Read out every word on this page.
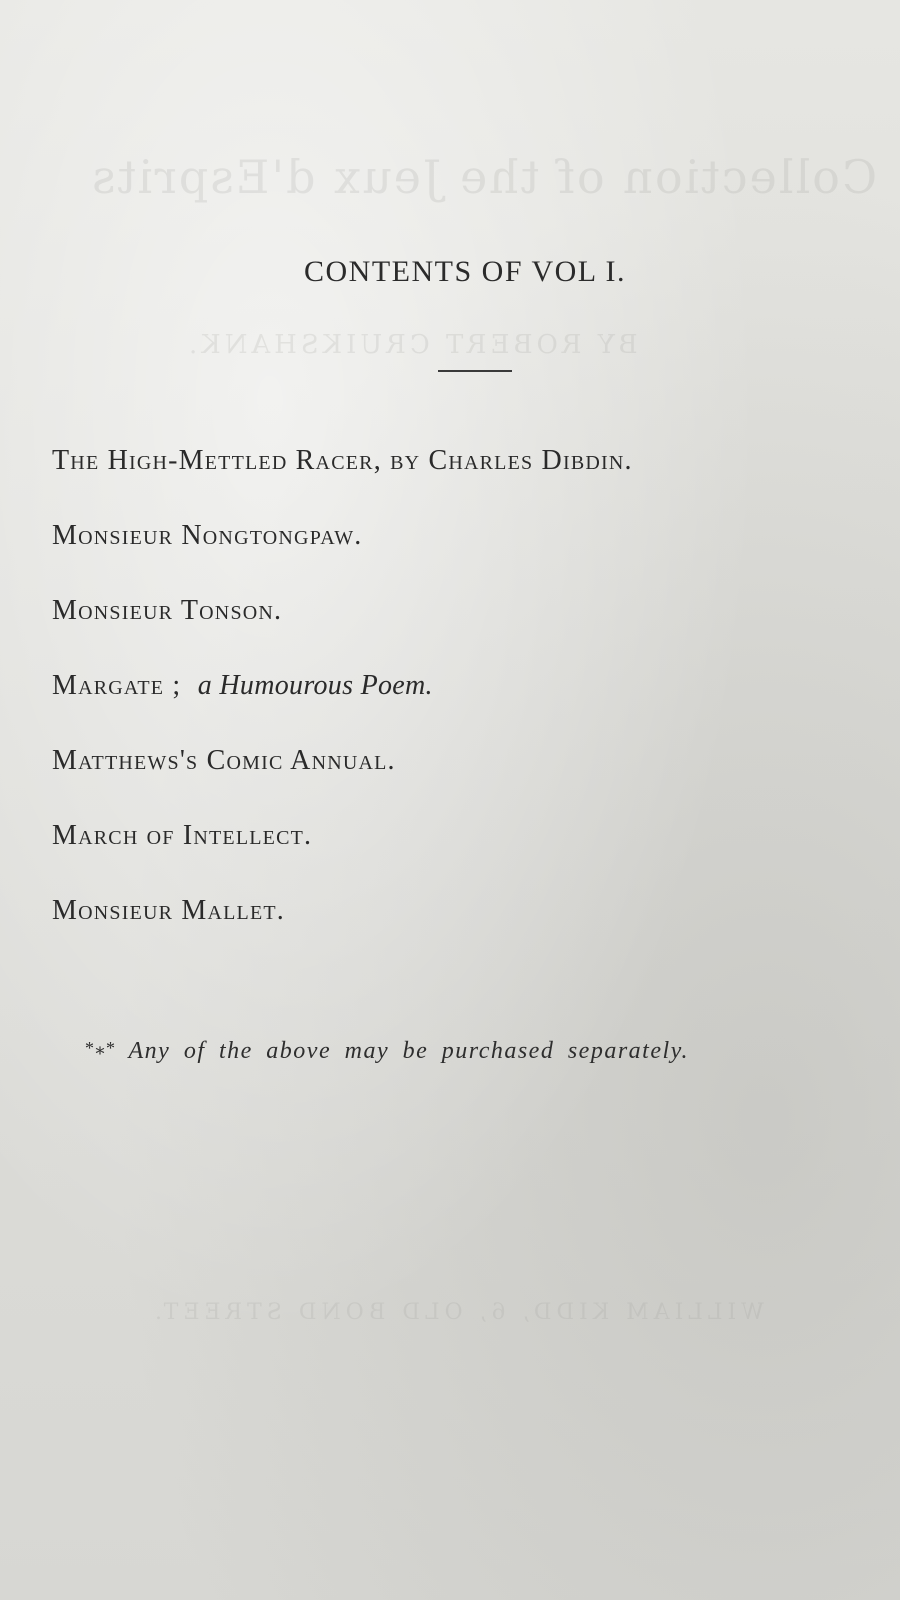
Collection of the Jeux d'Esprits
BY ROBERT CRUIKSHANK.
WILLIAM KIDD, 6, OLD BOND STREET.
CONTENTS OF VOL I.
The High-Mettled Racer, by Charles Dibdin.
Monsieur Nongtongpaw.
Monsieur Tonson.
Margate ; a Humourous Poem.
Matthews's Comic Annual.
March of Intellect.
Monsieur Mallet.
*⁎* Any of the above may be purchased separately.
